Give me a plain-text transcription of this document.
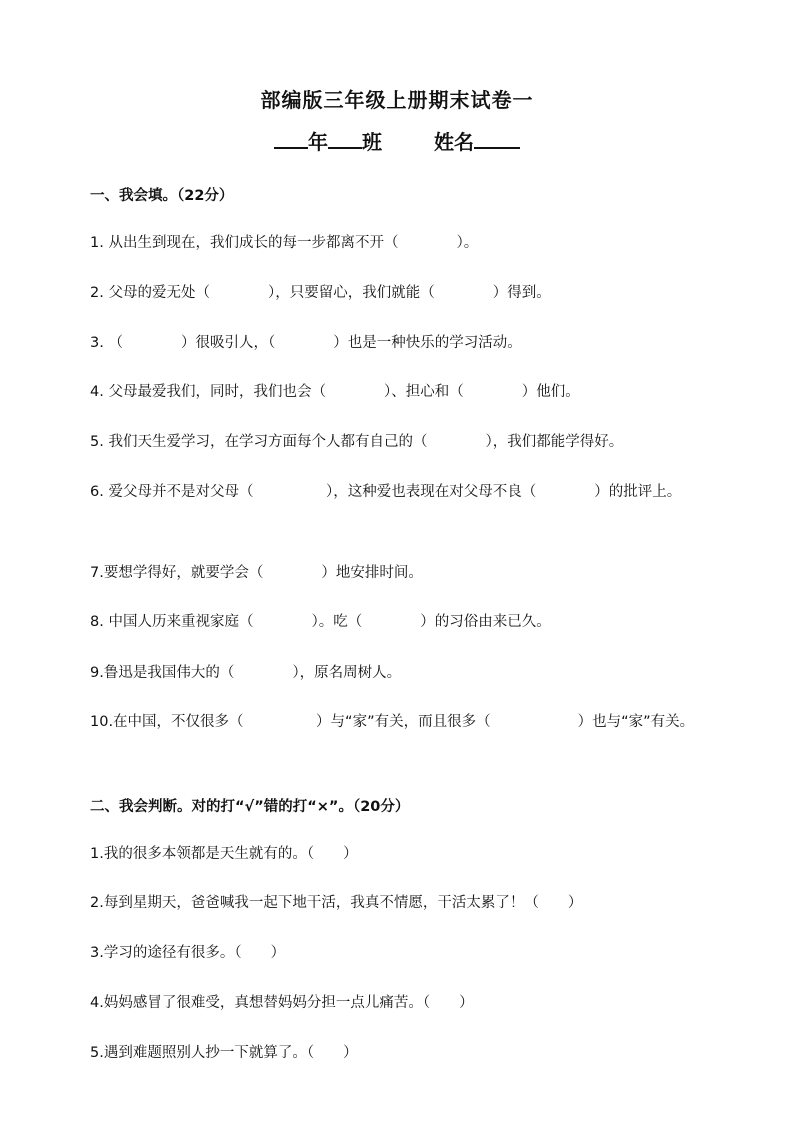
部编版三年级上册期末试卷一
年 班	姓名
一、我会填。（22分）
1. 从出生到现在，我们成长的每一步都离不开（　　　　）。
2. 父母的爱无处（　　　　），只要留心，我们就能（　　　　）得到。
3. （　　　　）很吸引人，（　　　　）也是一种快乐的学习活动。
4. 父母最爱我们，同时，我们也会（　　　　）、担心和（　　　　）他们。
5. 我们天生爱学习，在学习方面每个人都有自己的（　　　　），我们都能学得好。
6. 爱父母并不是对父母（　　　　　），这种爱也表现在对父母不良（　　　　）的批评上。
7.要想学得好，就要学会（　　　　）地安排时间。
8. 中国人历来重视家庭（　　　　）。吃（　　　　）的习俗由来已久。
9.鲁迅是我国伟大的（　　　　），原名周树人。
10.在中国，不仅很多（　　　　　）与“家”有关，而且很多（　　　　　　）也与“家”有关。
二、我会判断。对的打“√”错的打“×”。（20分）
1.我的很多本领都是天生就有的。（　　）
2.每到星期天，爸爸喊我一起下地干活，我真不情愿，干活太累了！（　　）
3.学习的途径有很多。（　　）
4.妈妈感冒了很难受，真想替妈妈分担一点儿痛苦。（　　）
5.遇到难题照别人抄一下就算了。（　　）
